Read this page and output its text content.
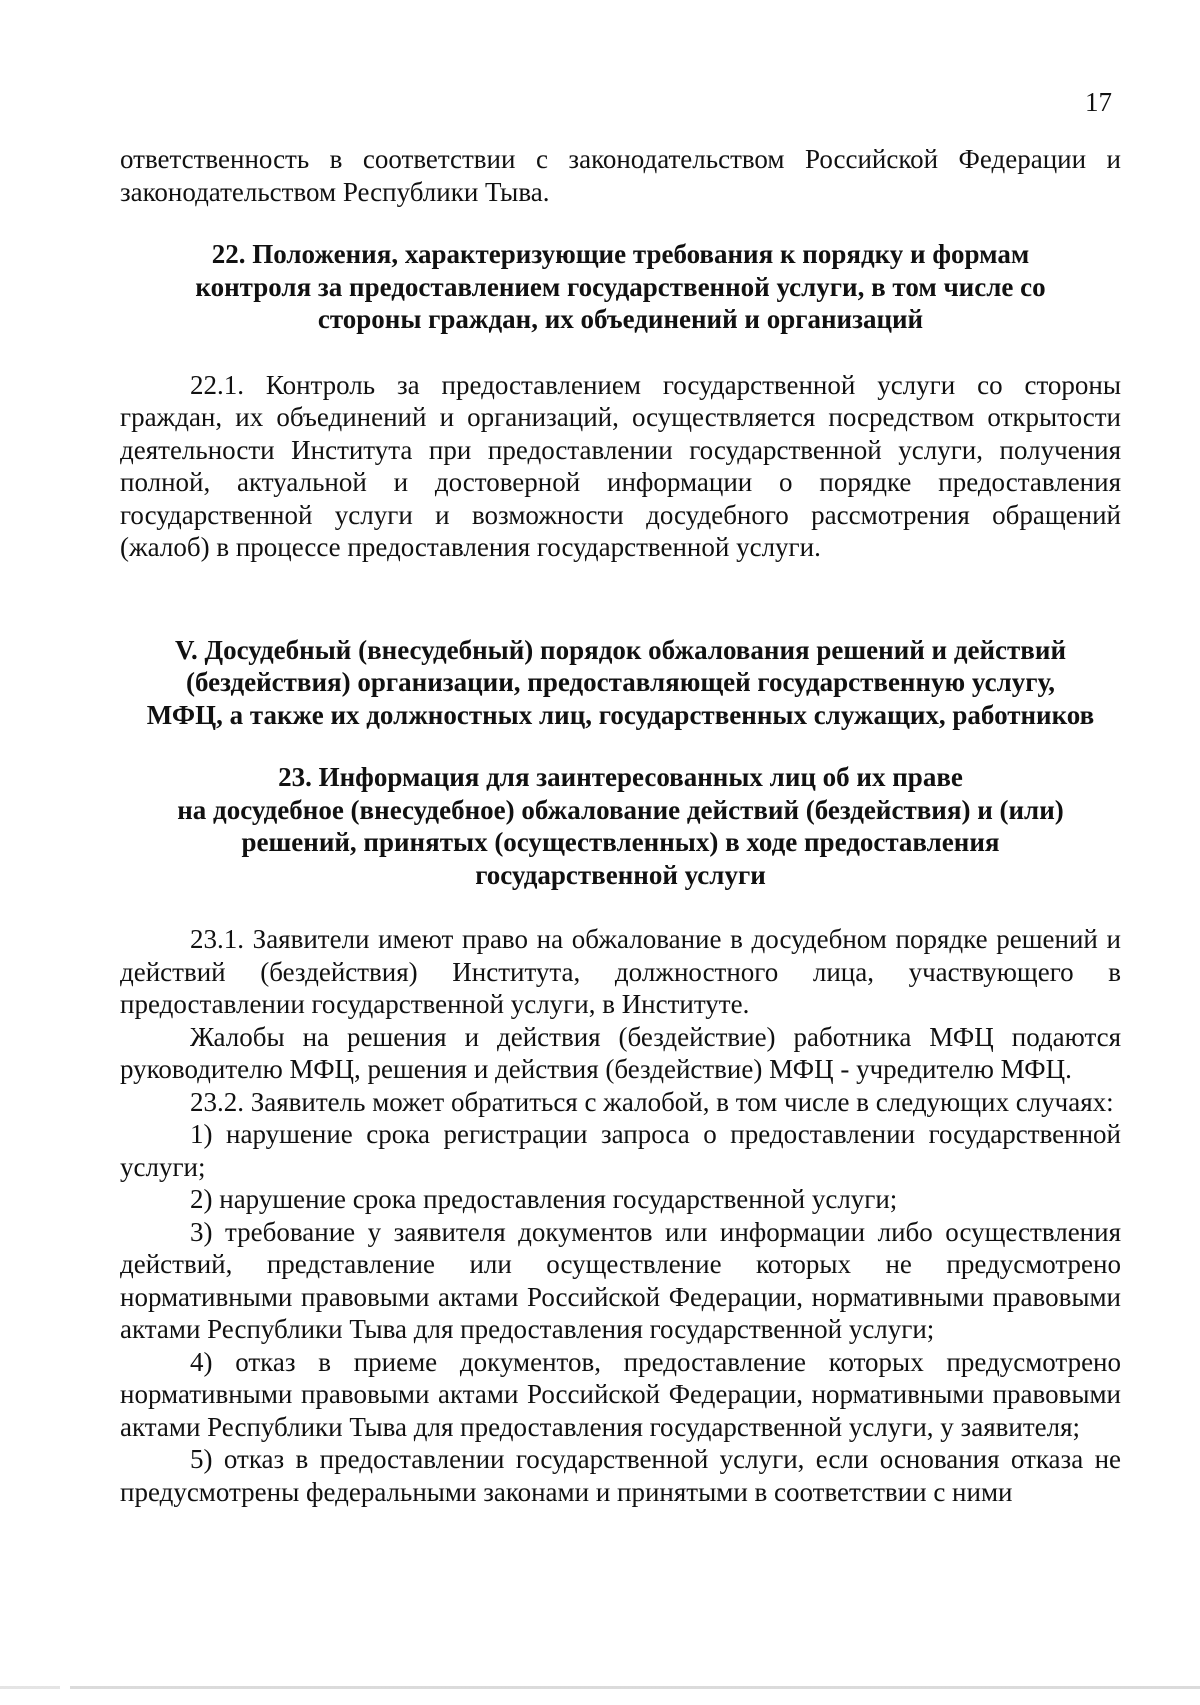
17

ответственность в соответствии с законодательством Российской Федерации и законодательством Республики Тыва.

22. Положения, характеризующие требования к порядку и формам
контроля за предоставлением государственной услуги, в том числе со
стороны граждан, их объединений и организаций

22.1. Контроль за предоставлением государственной услуги со стороны граждан, их объединений и организаций, осуществляется посредством открытости деятельности Института при предоставлении государственной услуги, получения полной, актуальной и достоверной информации о порядке предоставления государственной услуги и возможности досудебного рассмотрения обращений (жалоб) в процессе предоставления государственной услуги.

V. Досудебный (внесудебный) порядок обжалования решений и действий
(бездействия) организации, предоставляющей государственную услугу,
МФЦ, а также их должностных лиц, государственных служащих, работников
23. Информация для заинтересованных лиц об их праве
на досудебное (внесудебное) обжалование действий (бездействия) и (или)
решений, принятых (осуществленных) в ходе предоставления
государственной услуги

23.1. Заявители имеют право на обжалование в досудебном порядке решений и действий (бездействия) Института, должностного лица, участвующего в предоставлении государственной услуги, в Институте.

Жалобы на решения и действия (бездействие) работника МФЦ подаются руководителю МФЦ, решения и действия (бездействие) МФЦ - учредителю МФЦ.

23.2. Заявитель может обратиться с жалобой, в том числе в следующих случаях:

1) нарушение срока регистрации запроса о предоставлении государственной услуги;

2) нарушение срока предоставления государственной услуги;

3) требование у заявителя документов или информации либо осуществления действий, представление или осуществление которых не предусмотрено нормативными правовыми актами Российской Федерации, нормативными правовыми актами Республики Тыва для предоставления государственной услуги;

4) отказ в приеме документов, предоставление которых предусмотрено нормативными правовыми актами Российской Федерации, нормативными правовыми актами Республики Тыва для предоставления государственной услуги, у заявителя;

5) отказ в предоставлении государственной услуги, если основания отказа не предусмотрены федеральными законами и принятыми в соответствии с ними
